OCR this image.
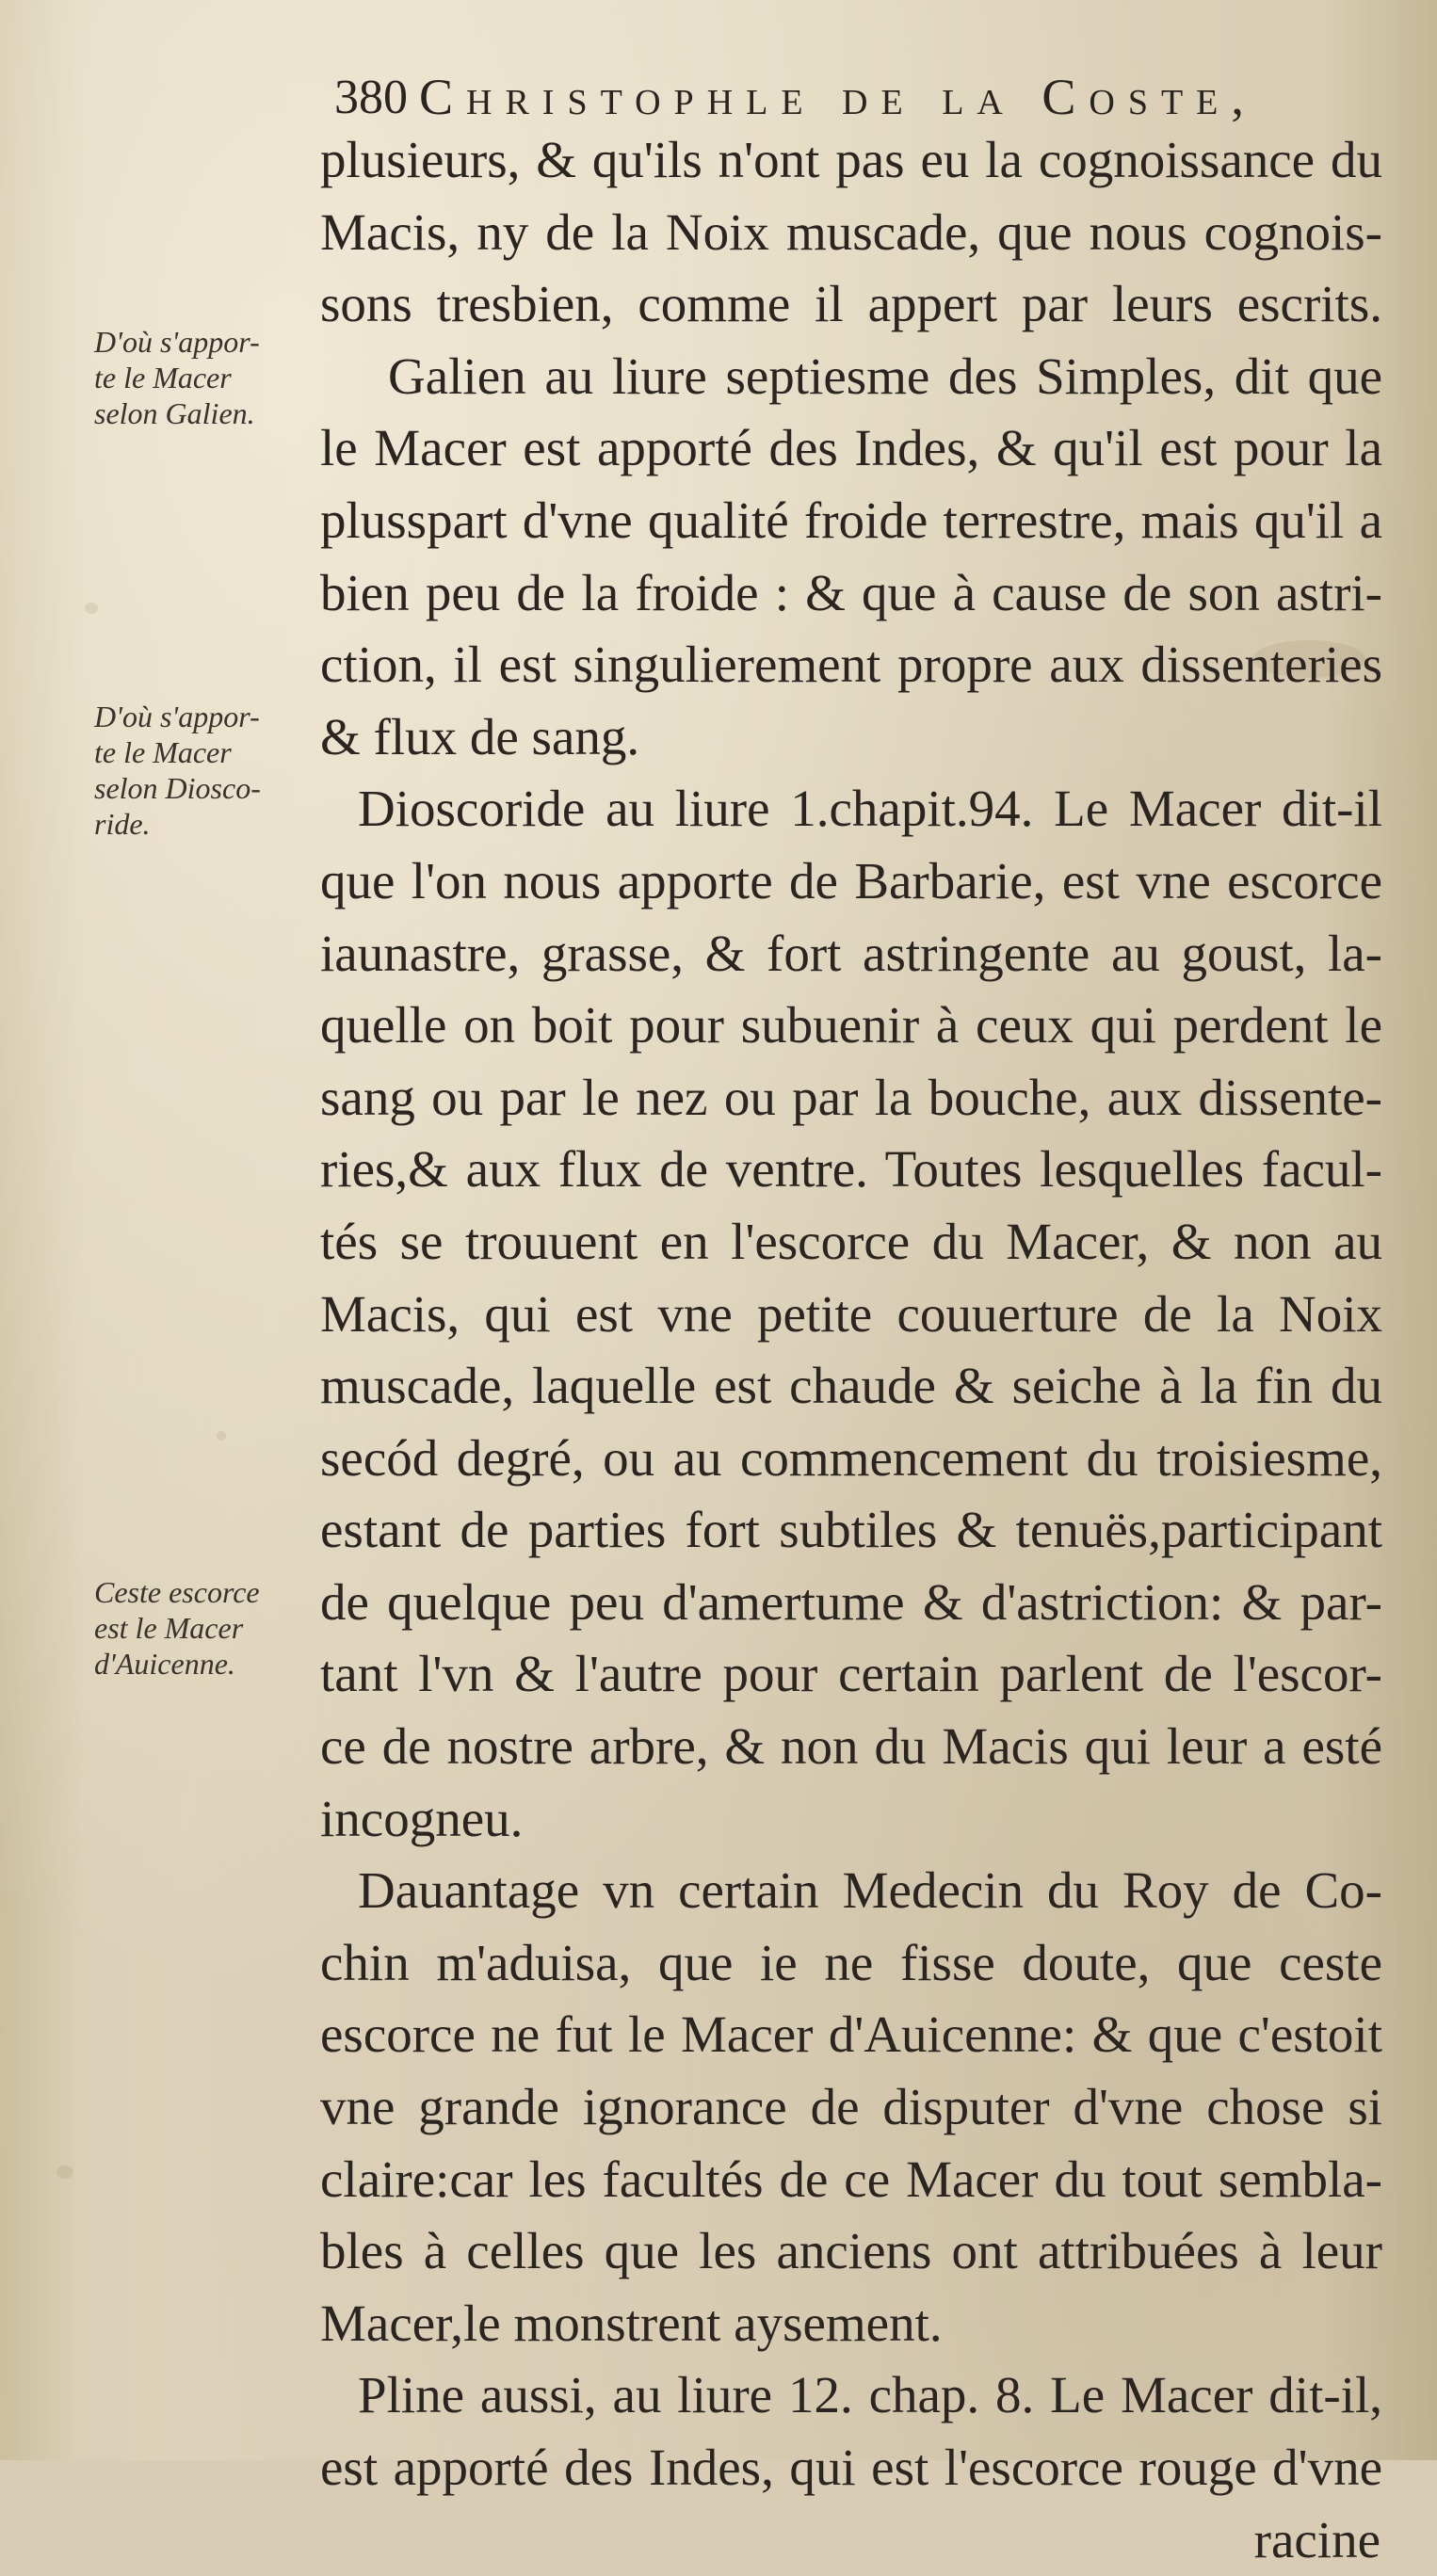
380 Christophle de la Coste,
D'où s'appor-
te le Macer
selon Galien.
D'où s'appor-
te le Macer
selon Diosco-
ride.
Ceste escorce
est le Macer
d'Auicenne.
plusieurs, & qu'ils n'ont pas eu la cognoissance du
Macis, ny de la Noix muscade, que nous cognois-
sons tresbien, comme il appert par leurs escrits.
Galien au liure septiesme des Simples, dit que
le Macer est apporté des Indes, & qu'il est pour la
plusspart d'vne qualité froide terrestre, mais qu'il a
bien peu de la froide : & que à cause de son astri-
ction, il est singulierement propre aux dissenteries
& flux de sang.
Dioscoride au liure 1.chapit.94. Le Macer dit-il
que l'on nous apporte de Barbarie, est vne escorce
iaunastre, grasse, & fort astringente au goust, la-
quelle on boit pour subuenir à ceux qui perdent le
sang ou par le nez ou par la bouche, aux dissente-
ries,& aux flux de ventre. Toutes lesquelles facul-
tés se trouuent en l'escorce du Macer, & non au
Macis, qui est vne petite couuerture de la Noix
muscade, laquelle est chaude & seiche à la fin du
secód degré, ou au commencement du troisiesme,
estant de parties fort subtiles & tenuës,participant
de quelque peu d'amertume & d'astriction: & par-
tant l'vn & l'autre pour certain parlent de l'escor-
ce de nostre arbre, & non du Macis qui leur a esté
incogneu.
Dauantage vn certain Medecin du Roy de Co-
chin m'aduisa, que ie ne fisse doute, que ceste
escorce ne fut le Macer d'Auicenne: & que c'estoit
vne grande ignorance de disputer d'vne chose si
claire:car les facultés de ce Macer du tout sembla-
bles à celles que les anciens ont attribuées à leur
Macer,le monstrent aysement.
Pline aussi, au liure 12. chap. 8. Le Macer dit-il,
est apporté des Indes, qui est l'escorce rouge d'vne
racine
